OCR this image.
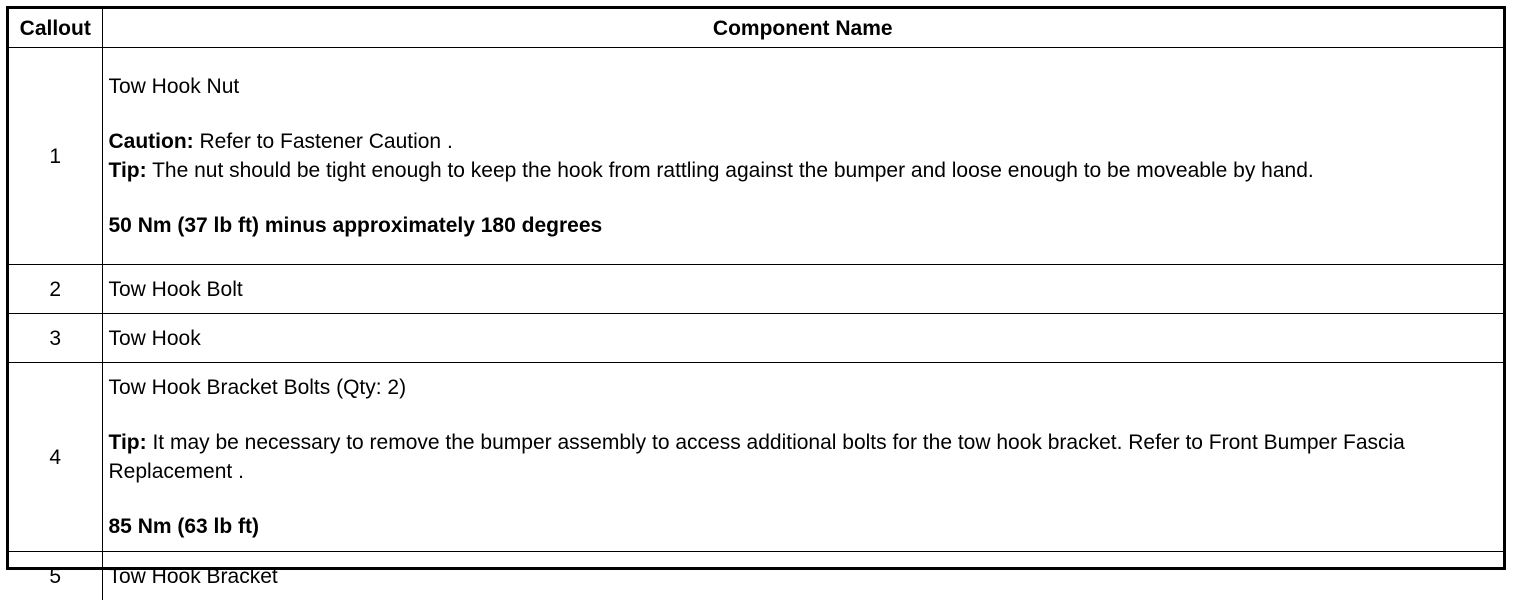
Callout	Component Name
1	Tow Hook Nut

Caution: Refer to Fastener Caution .

Tip: The nut should be tight enough to keep the hook from rattling against the bumper and loose enough to be moveable by hand.

50 Nm (37 lb ft) minus approximately 180 degrees

2	Tow Hook Bolt
3	Tow Hook
4	Tow Hook Bracket Bolts (Qty: 2)

Tip: It may be necessary to remove the bumper assembly to access additional bolts for the tow hook bracket. Refer to Front Bumper Fascia Replacement .

85 Nm (63 lb ft)

5	Tow Hook Bracket
